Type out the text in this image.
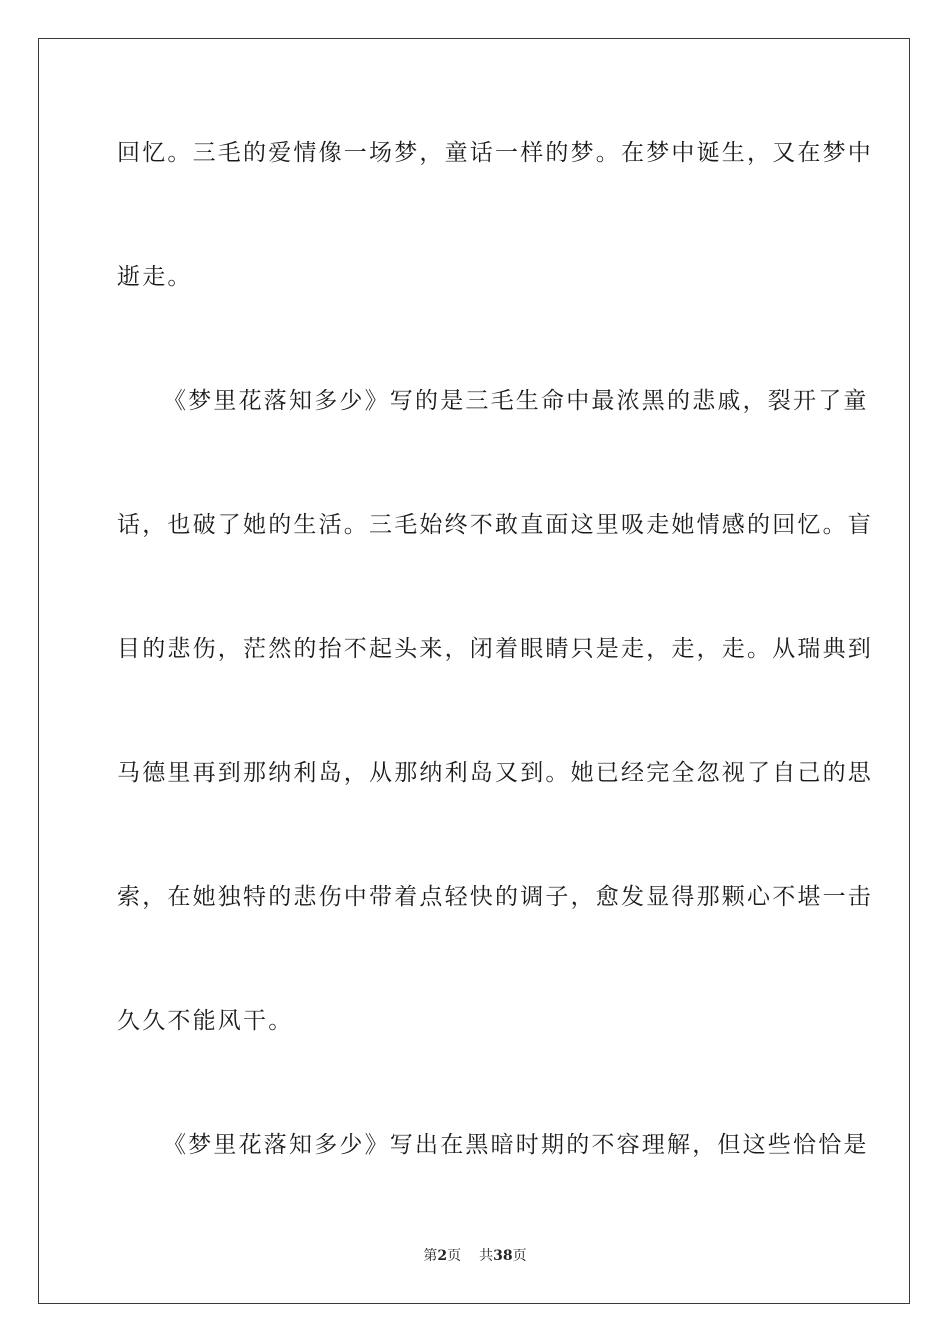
回忆。三毛的爱情像一场梦，童话一样的梦。在梦中诞生，又在梦中
逝走。
《梦里花落知多少》写的是三毛生命中最浓黑的悲戚，裂开了童
话，也破了她的生活。三毛始终不敢直面这里吸走她情感的回忆。盲
目的悲伤，茫然的抬不起头来，闭着眼睛只是走，走，走。从瑞典到
马德里再到那纳利岛，从那纳利岛又到。她已经完全忽视了自己的思
索，在她独特的悲伤中带着点轻快的调子，愈发显得那颗心不堪一击
久久不能风干。
《梦里花落知多少》写出在黑暗时期的不容理解，但这些恰恰是
第2页 共38页
